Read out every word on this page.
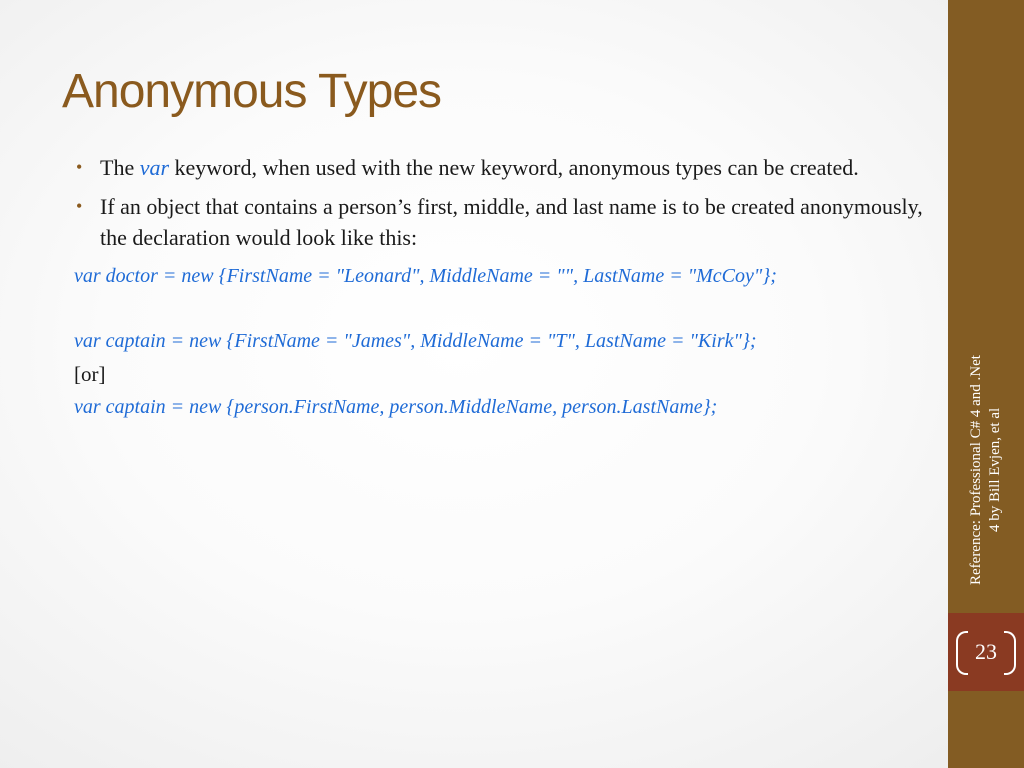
Anonymous Types

• The var keyword, when used with the new keyword, anonymous types can be created.

• If an object that contains a person’s first, middle, and last name is to be created anonymously, the declaration would look like this:

var doctor = new {FirstName = "Leonard", MiddleName = "", LastName = "McCoy"};

var captain = new {FirstName = "James", MiddleName = "T", LastName = "Kirk"};

[or]

var captain = new {person.FirstName, person.MiddleName, person.LastName};	Reference: Professional C# 4 and .Net 4 by Bill Evjen, et al
23
